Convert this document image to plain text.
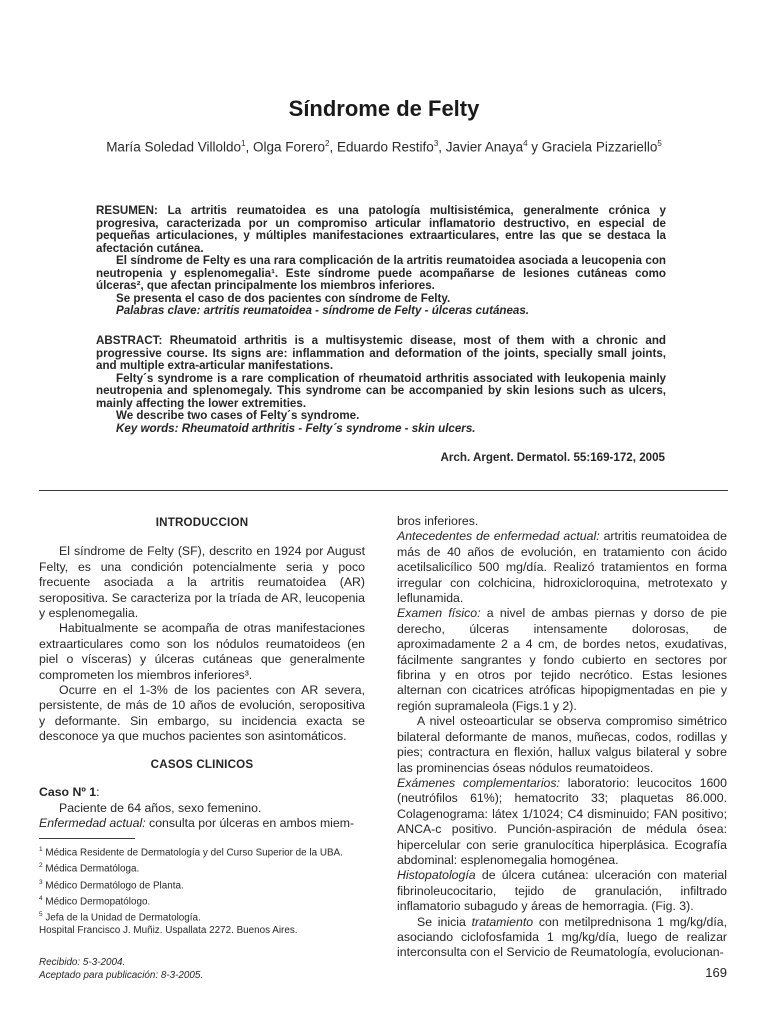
Síndrome de Felty
María Soledad Villoldo$^1$, Olga Forero$^2$, Eduardo Restifo$^3$, Javier Anaya$^4$ y Graciela Pizzariello$^5$

RESUMEN: La artritis reumatoidea es una patología multisistémica, generalmente crónica y progresiva, caracterizada por un compromiso articular inflamatorio destructivo, en especial de pequeñas articulaciones, y múltiples manifestaciones extraarticulares, entre las que se destaca la afectación cutánea.

El síndrome de Felty es una rara complicación de la artritis reumatoidea asociada a leucopenia con neutropenia y esplenomegalia¹. Este síndrome puede acompañarse de lesiones cutáneas como úlceras², que afectan principalmente los miembros inferiores.

Se presenta el caso de dos pacientes con síndrome de Felty.

Palabras clave: artritis reumatoidea - síndrome de Felty - úlceras cutáneas.

ABSTRACT: Rheumatoid arthritis is a multisystemic disease, most of them with a chronic and progressive course. Its signs are: inflammation and deformation of the joints, specially small joints, and multiple extra-articular manifestations.

Felty´s syndrome is a rare complication of rheumatoid arthritis associated with leukopenia mainly neutropenia and splenomegaly. This syndrome can be accompanied by skin lesions such as ulcers, mainly affecting the lower extremities.

We describe two cases of Felty´s syndrome.

Key words: Rheumatoid arthritis - Felty´s syndrome - skin ulcers.

Arch. Argent. Dermatol. 55:169-172, 2005
INTRODUCCION

El síndrome de Felty (SF), descrito en 1924 por August Felty, es una condición potencialmente seria y poco frecuente asociada a la artritis reumatoidea (AR) seropositiva. Se caracteriza por la tríada de AR, leucopenia y esplenomegalia.

Habitualmente se acompaña de otras manifestaciones extraarticulares como son los nódulos reumatoideos (en piel o vísceras) y úlceras cutáneas que generalmente comprometen los miembros inferiores³.

Ocurre en el 1-3% de los pacientes con AR severa, persistente, de más de 10 años de evolución, seropositiva y deformante. Sin embargo, su incidencia exacta se desconoce ya que muchos pacientes son asintomáticos.

CASOS CLINICOS

Caso Nº 1:

Paciente de 64 años, sexo femenino.

Enfermedad actual: consulta por úlceras en ambos miem-

bros inferiores.

Antecedentes de enfermedad actual: artritis reumatoidea de más de 40 años de evolución, en tratamiento con ácido acetilsalicílico 500 mg/día. Realizó tratamientos en forma irregular con colchicina, hidroxicloroquina, metrotexato y leflunamida.

Examen físico: a nivel de ambas piernas y dorso de pie derecho, úlceras intensamente dolorosas, de aproximadamente 2 a 4 cm, de bordes netos, exudativas, fácilmente sangrantes y fondo cubierto en sectores por fibrina y en otros por tejido necrótico. Estas lesiones alternan con cicatrices atróficas hipopigmentadas en pie y región supramaleola (Figs.1 y 2).

A nivel osteoarticular se observa compromiso simétrico bilateral deformante de manos, muñecas, codos, rodillas y pies; contractura en flexión, hallux valgus bilateral y sobre las prominencias óseas nódulos reumatoideos.

Exámenes complementarios: laboratorio: leucocitos 1600 (neutrófilos 61%); hematocrito 33; plaquetas 86.000. Colagenograma: látex 1/1024; C4 disminuido; FAN positivo; ANCA-c positivo. Punción-aspiración de médula ósea: hipercelular con serie granulocítica hiperplásica. Ecografía abdominal: esplenomegalia homogénea.

Histopatología de úlcera cutánea: ulceración con material fibrinoleucocitario, tejido de granulación, infiltrado inflamatorio subagudo y áreas de hemorragia. (Fig. 3).

Se inicia tratamiento con metilprednisona 1 mg/kg/día, asociando ciclofosfamida 1 mg/kg/día, luego de realizar interconsulta con el Servicio de Reumatología, evolucionan-

$^1$ Médica Residente de Dermatología y del Curso Superior de la UBA.

$^2$ Médica Dermatóloga.

$^3$ Médico Dermatólogo de Planta.

$^4$ Médico Dermopatólogo.

$^5$ Jefa de la Unidad de Dermatología.

Hospital Francisco J. Muñiz. Uspallata 2272. Buenos Aires.

Recibido: 5-3-2004.

Aceptado para publicación: 8-3-2005.	169
